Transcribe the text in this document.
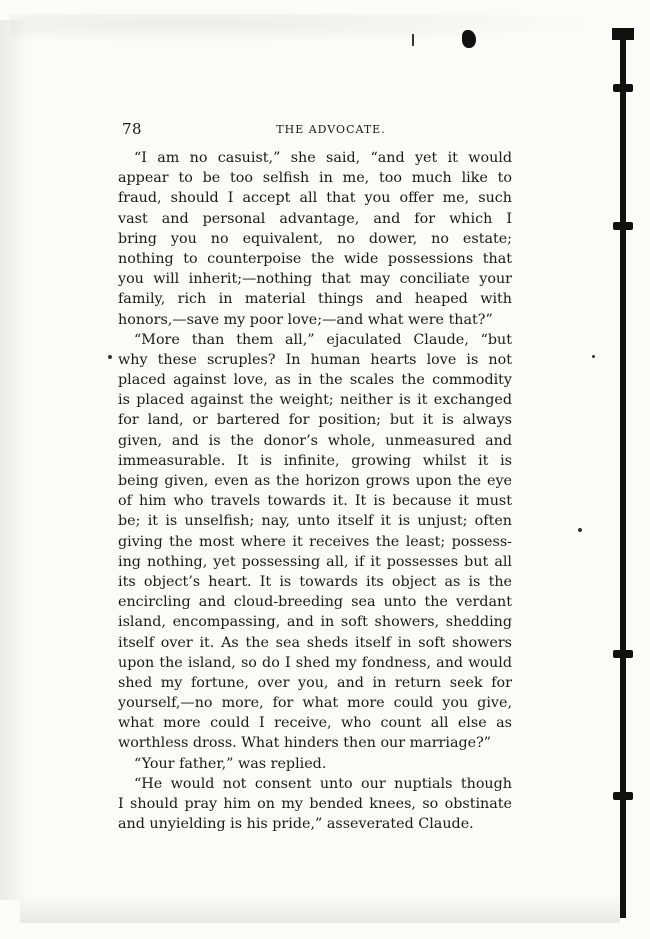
78	THE ADVOCATE.
“I am no casuist,” she said, “and yet it would
appear to be too selfish in me, too much like to
fraud, should I accept all that you offer me, such
vast and personal advantage, and for which I
bring you no equivalent, no dower, no estate;
nothing to counterpoise the wide possessions that
you will inherit;—nothing that may conciliate your
family, rich in material things and heaped with
honors,—save my poor love;—and what were that?”
“More than them all,” ejaculated Claude, “but
why these scruples? In human hearts love is not
placed against love, as in the scales the commodity
is placed against the weight; neither is it exchanged
for land, or bartered for position; but it is always
given, and is the donor’s whole, unmeasured and
immeasurable. It is infinite, growing whilst it is
being given, even as the horizon grows upon the eye
of him who travels towards it. It is because it must
be; it is unselfish; nay, unto itself it is unjust; often
giving the most where it receives the least; possess-
ing nothing, yet possessing all, if it possesses but all
its object’s heart. It is towards its object as is the
encircling and cloud-breeding sea unto the verdant
island, encompassing, and in soft showers, shedding
itself over it. As the sea sheds itself in soft showers
upon the island, so do I shed my fondness, and would
shed my fortune, over you, and in return seek for
yourself,—no more, for what more could you give,
what more could I receive, who count all else as
worthless dross. What hinders then our marriage?”
“Your father,” was replied.
“He would not consent unto our nuptials though
I should pray him on my bended knees, so obstinate
and unyielding is his pride,” asseverated Claude.
